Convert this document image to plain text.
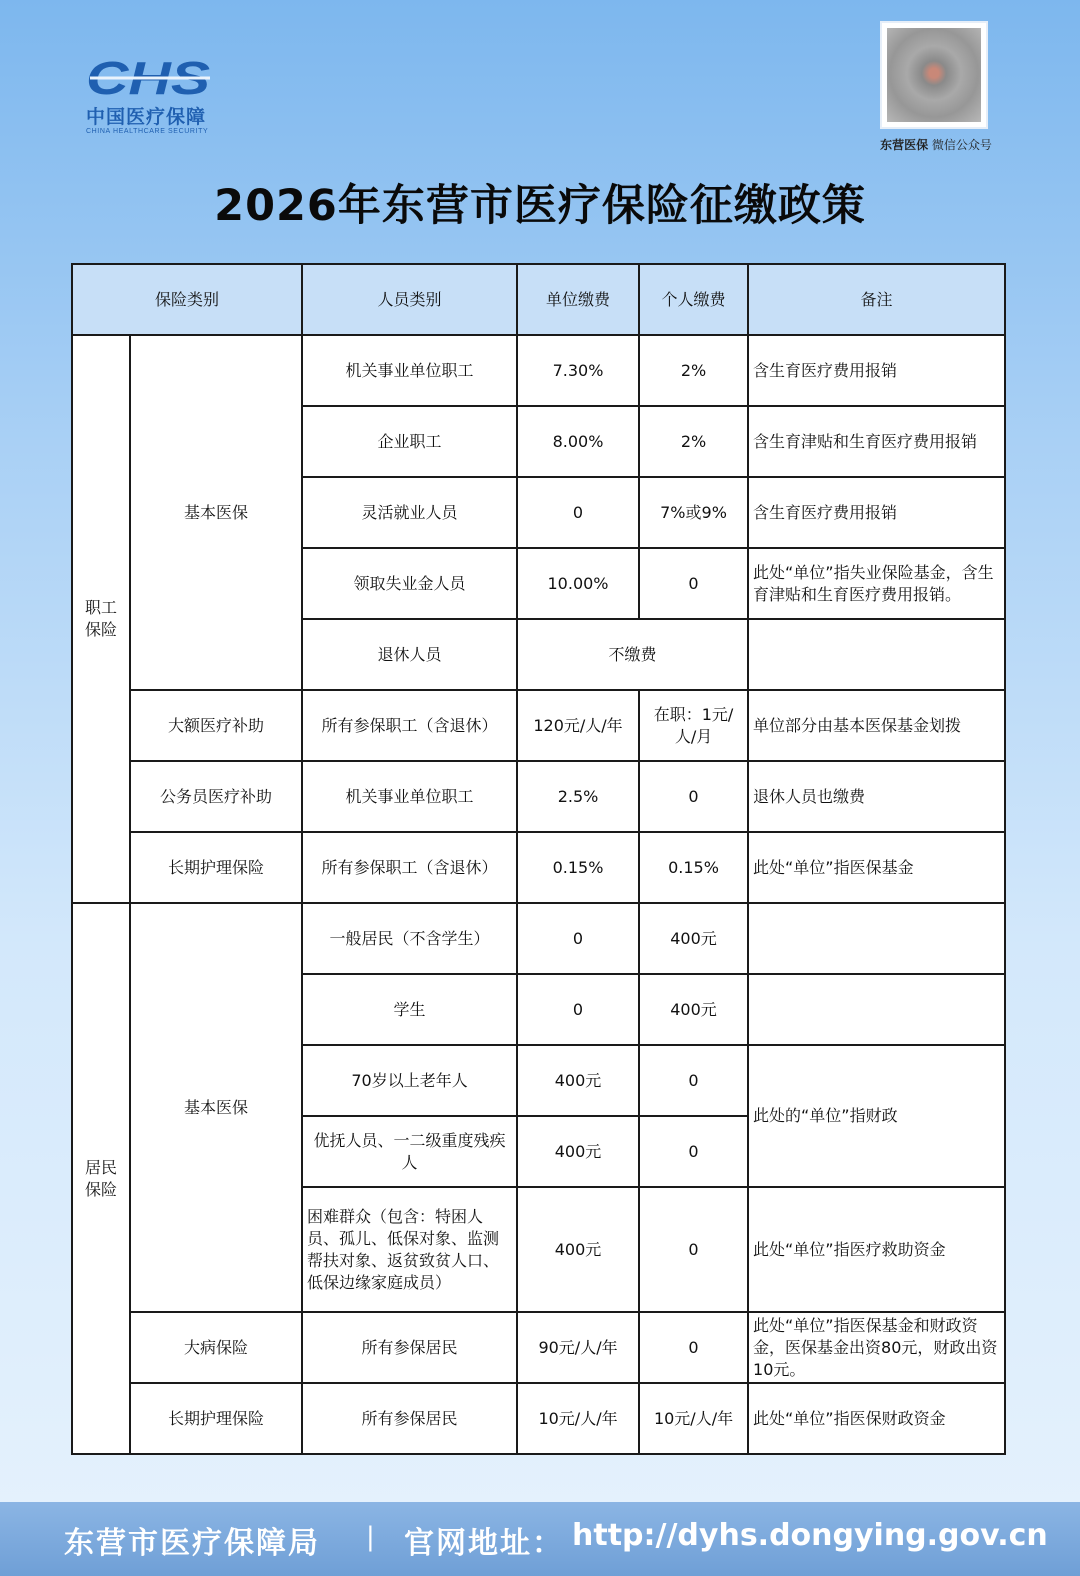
CHS
中国医疗保障
CHINA HEALTHCARE SECURITY
东营医保 微信公众号
2026年东营市医疗保险征缴政策
保险类别		人员类别	单位缴费	个人缴费	备注
职工保险	基本医保	机关事业单位职工	7.30%	2%	含生育医疗费用报销
		企业职工	8.00%	2%	含生育津贴和生育医疗费用报销
		灵活就业人员	0	7%或9%	含生育医疗费用报销
		领取失业金人员	10.00%	0	此处“单位”指失业保险基金，含生育津贴和生育医疗费用报销。
		退休人员	不缴费		
	大额医疗补助	所有参保职工（含退休）	120元/人/年	在职：1元/人/月	单位部分由基本医保基金划拨
	公务员医疗补助	机关事业单位职工	2.5%	0	退休人员也缴费
	长期护理保险	所有参保职工（含退休）	0.15%	0.15%	此处“单位”指医保基金
居民保险	基本医保	一般居民（不含学生）	0	400元	
		学生	0	400元	
		70岁以上老年人	400元	0	此处的“单位”指财政
		优抚人员、一二级重度残疾人	400元	0	
		困难群众（包含：特困人员、孤儿、低保对象、监测帮扶对象、返贫致贫人口、低保边缘家庭成员）	400元	0	此处“单位”指医疗救助资金
	大病保险	所有参保居民	90元/人/年	0	此处“单位”指医保基金和财政资金，医保基金出资80元，财政出资10元。
	长期护理保险	所有参保居民	10元/人/年	10元/人/年	此处“单位”指医保财政资金
东营市医疗保障局 | 官网地址： http://dyhs.dongying.gov.cn
